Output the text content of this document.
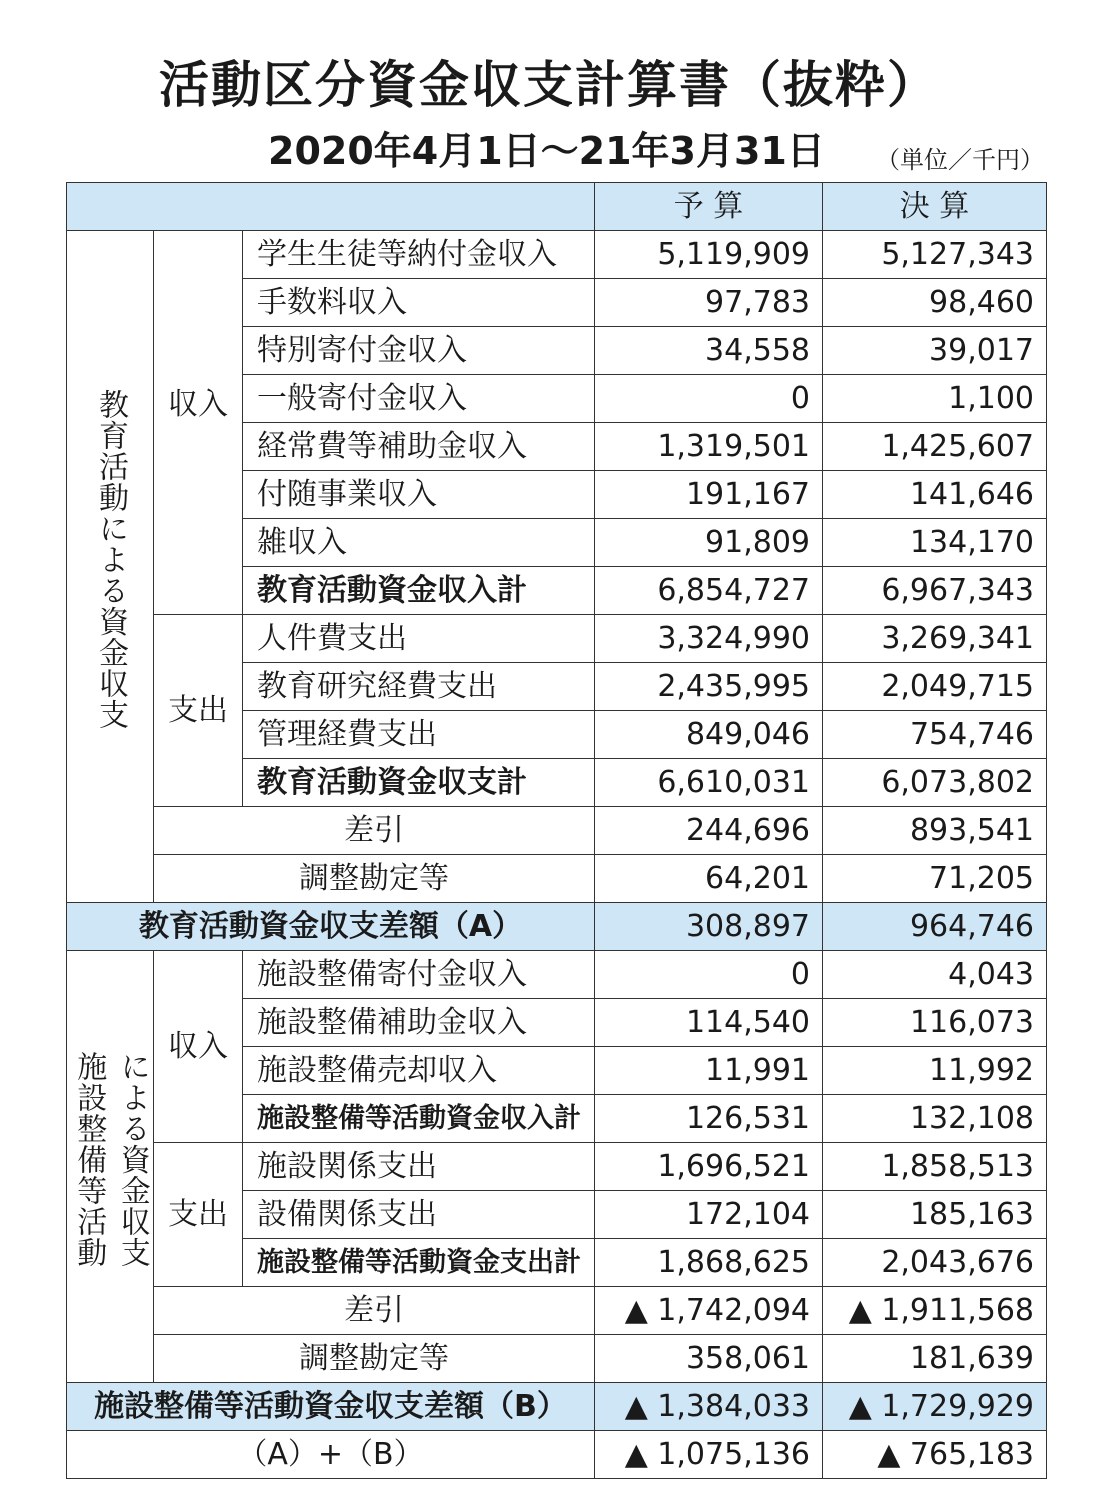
活動区分資金収支計算書（抜粋）
2020年4月1日～21年3月31日 （単位／千円）
			予 算	決 算
教育活動による資金収支	収入	学生生徒等納付金収入	5,119,909	5,127,343
		手数料収入	97,783	98,460
		特別寄付金収入	34,558	39,017
		一般寄付金収入	0	1,100
		経常費等補助金収入	1,319,501	1,425,607
		付随事業収入	191,167	141,646
		雑収入	91,809	134,170
		教育活動資金収入計	6,854,727	6,967,343
	支出	人件費支出	3,324,990	3,269,341
		教育研究経費支出	2,435,995	2,049,715
		管理経費支出	849,046	754,746
		教育活動資金収支計	6,610,031	6,073,802
	差引		244,696	893,541
	調整勘定等		64,201	71,205
教育活動資金収支差額（A）			308,897	964,746
施設整備等活動 による資金収支	収入	施設整備寄付金収入	0	4,043
		施設整備補助金収入	114,540	116,073
		施設整備売却収入	11,991	11,992
		施設整備等活動資金収入計	126,531	132,108
	支出	施設関係支出	1,696,521	1,858,513
		設備関係支出	172,104	185,163
		施設整備等活動資金支出計	1,868,625	2,043,676
	差引		▲ 1,742,094	▲ 1,911,568
	調整勘定等		358,061	181,639
施設整備等活動資金収支差額（B）			▲ 1,384,033	▲ 1,729,929
（A）+（B）			▲ 1,075,136	▲ 765,183
